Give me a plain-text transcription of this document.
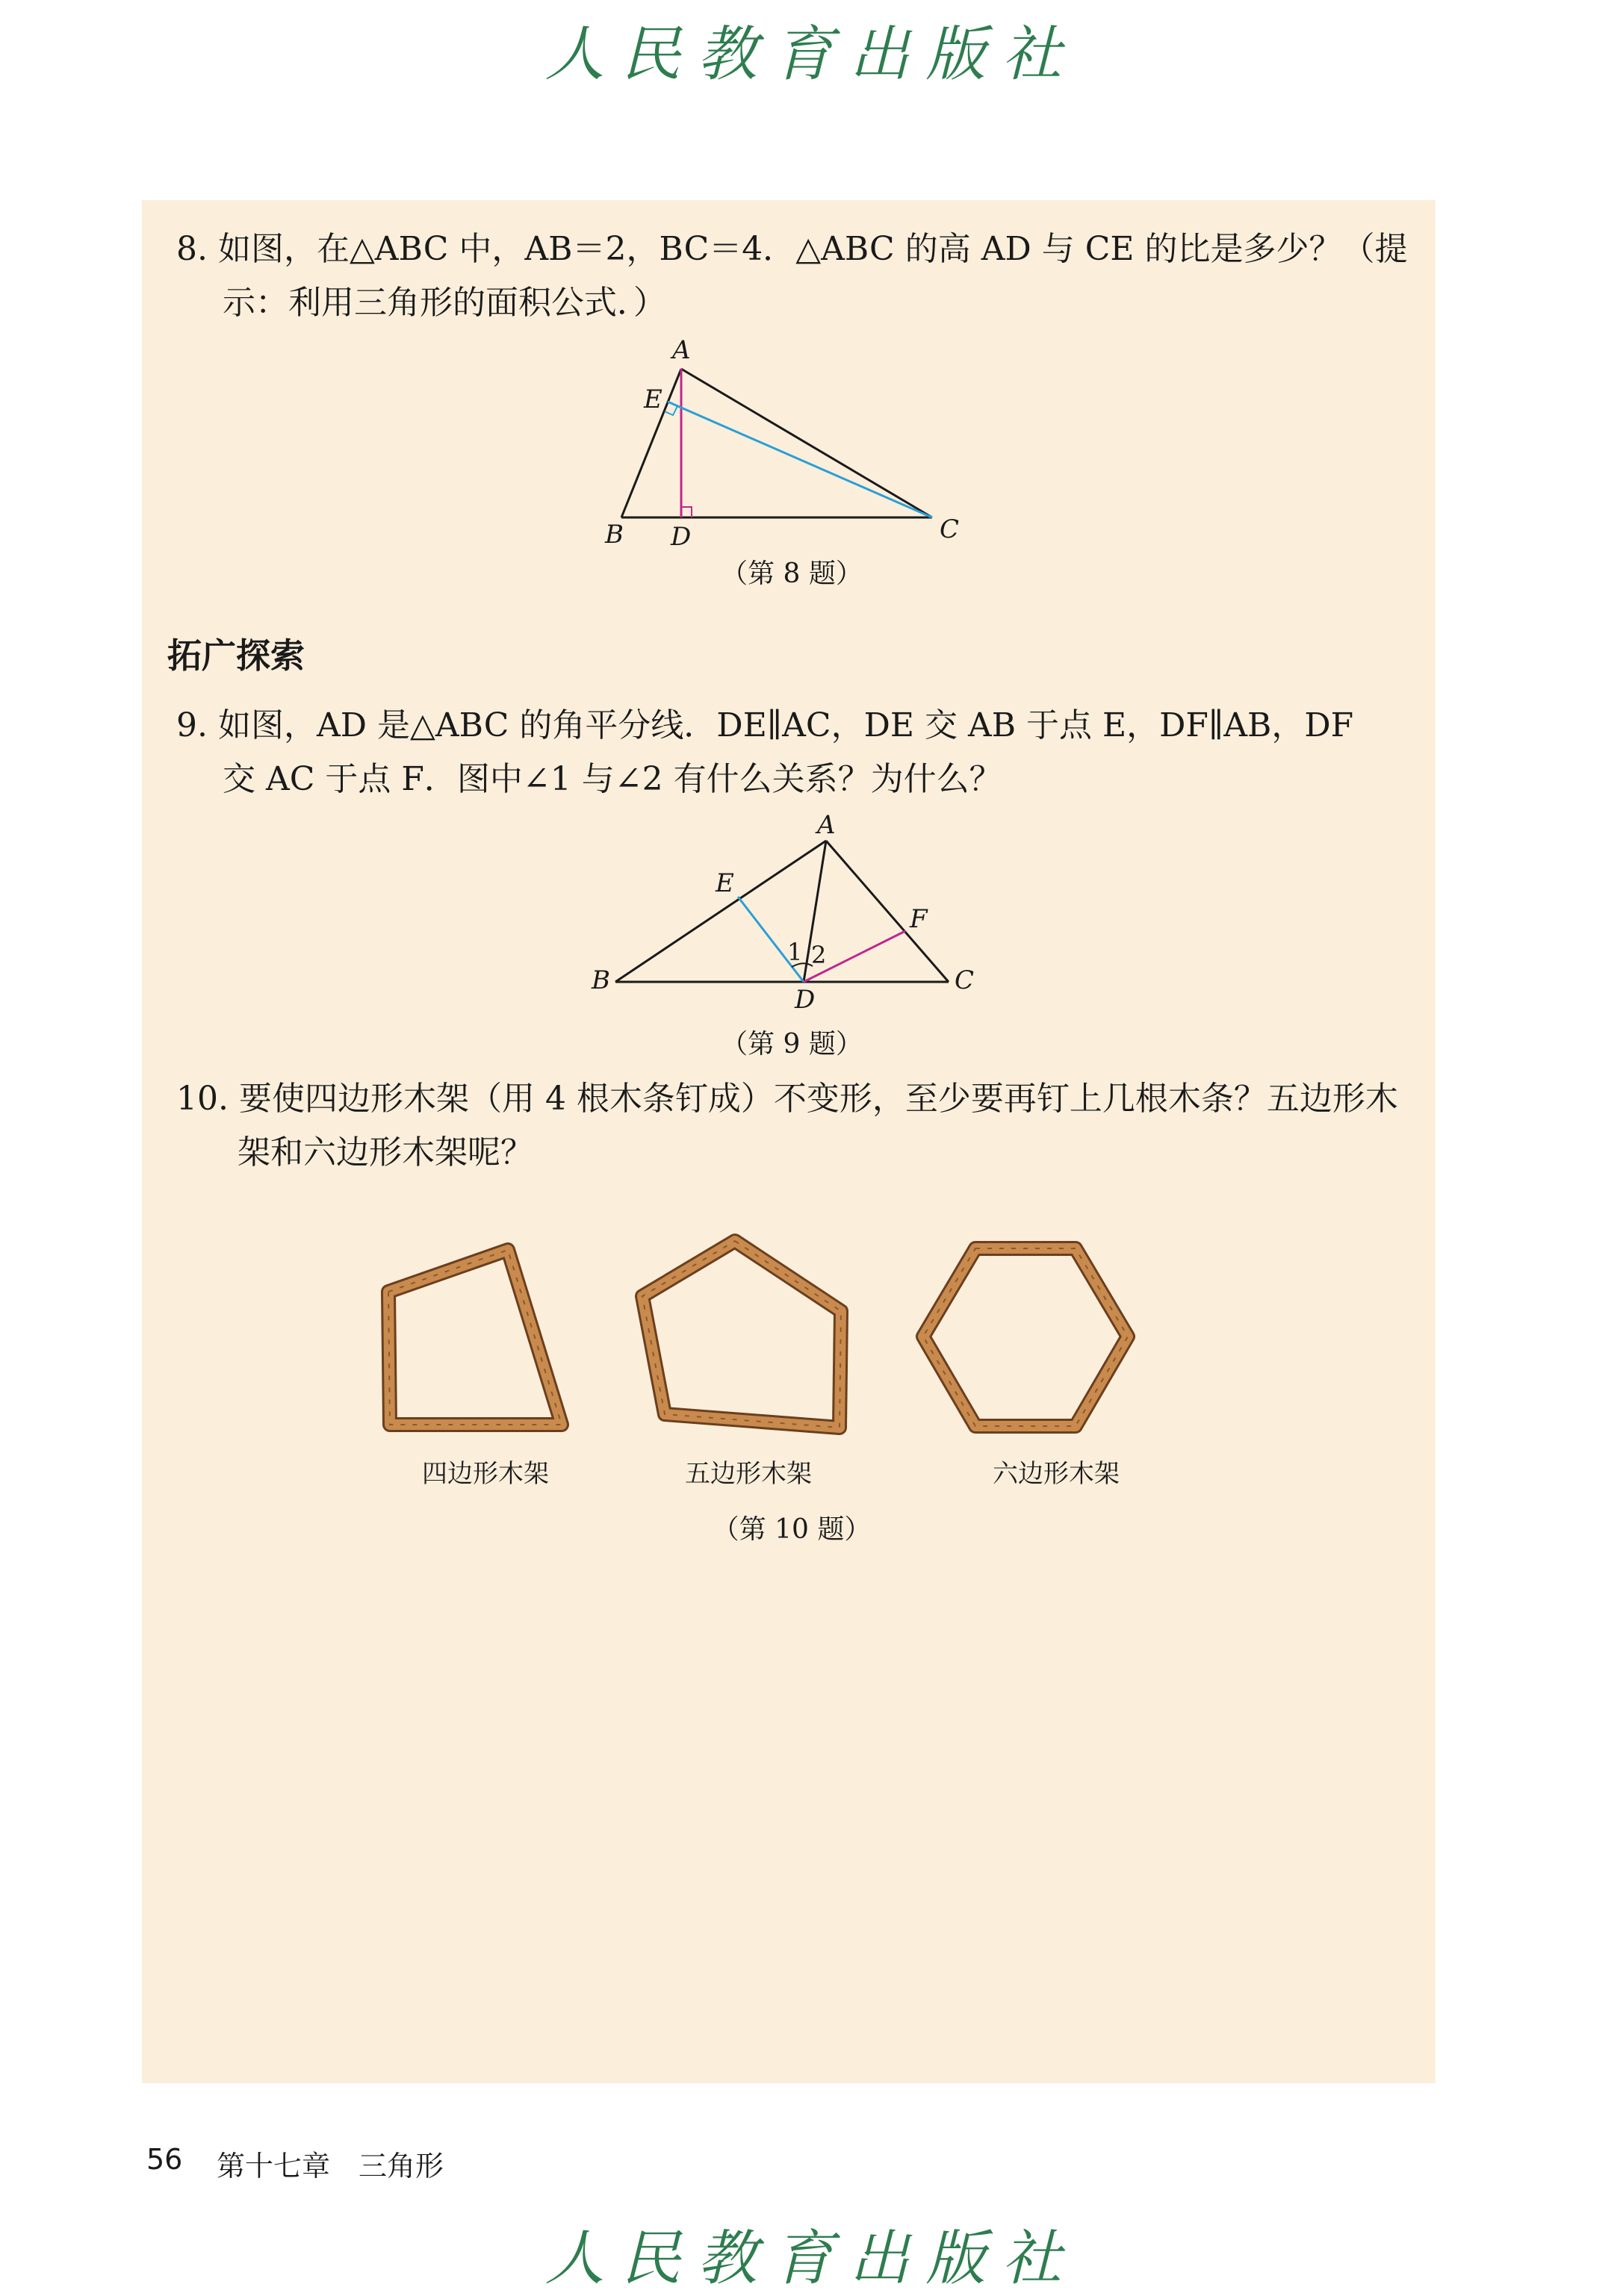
人民教育出版社
8. 如图，在△ABC 中，AB＝2，BC＝4．△ABC 的高 AD 与 CE 的比是多少？（提
示：利用三角形的面积公式．）
A
E
B D	C
（第 8 题）
拓广探索
9. 如图，AD 是△ABC 的角平分线．DE∥AC，DE 交 AB 于点 E，DF∥AB，DF
交 AC 于点 F．图中∠1 与∠2 有什么关系？为什么？
1 2
A
E
F
B
D
C
（第 9 题）
10. 要使四边形木架（用 4 根木条钉成）不变形，至少要再钉上几根木条？五边形木
架和六边形木架呢？
四边形木架	五边形木架	六边形木架
（第 10 题）
56 第十七章　三角形
人民教育出版社
